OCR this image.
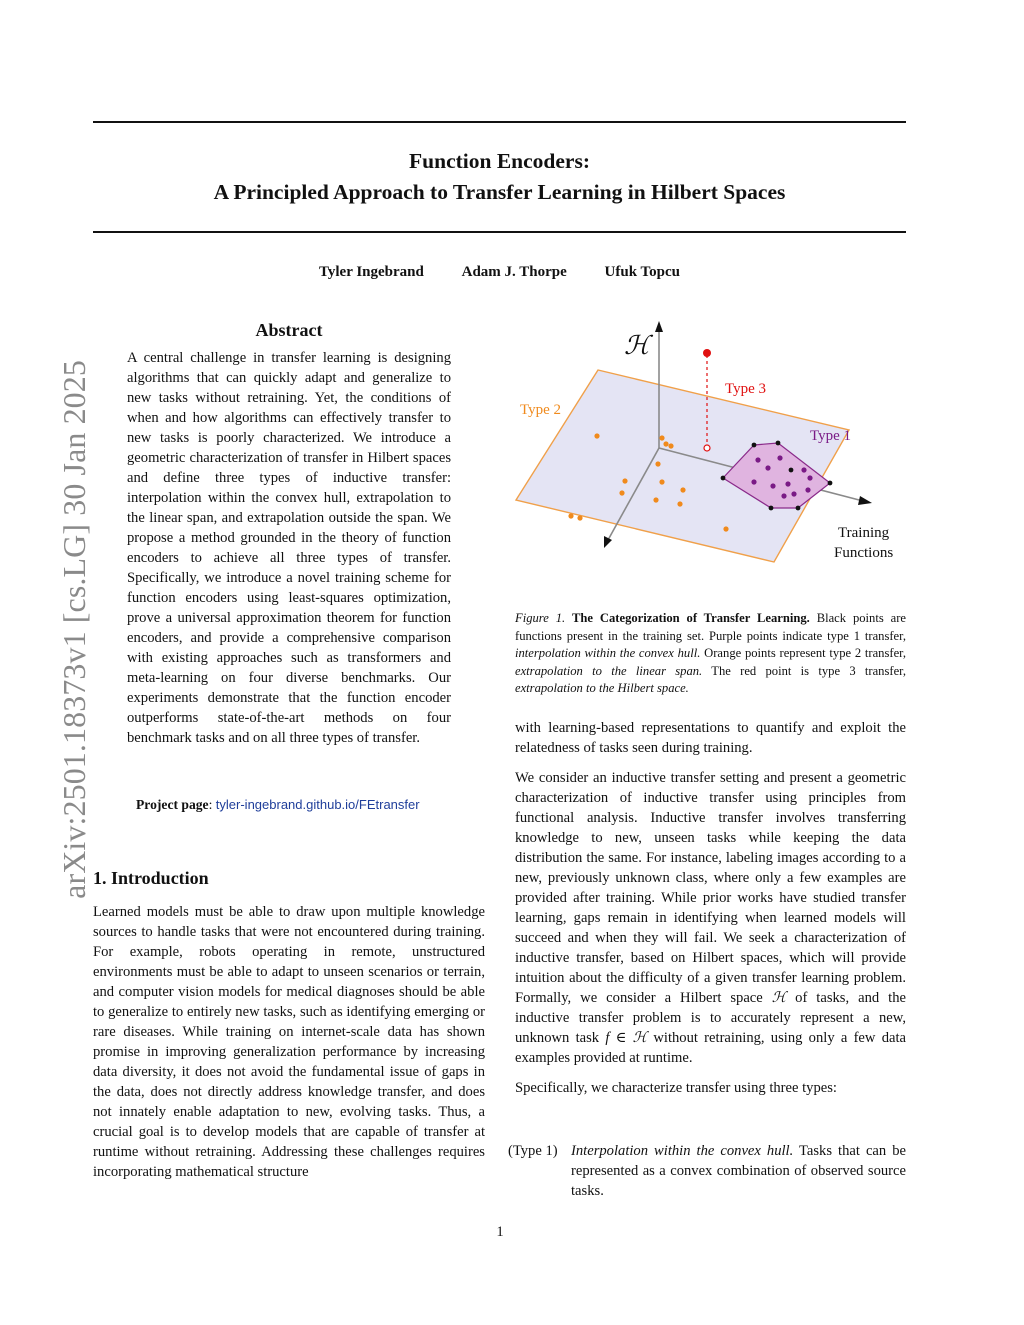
Function Encoders:
A Principled Approach to Transfer Learning in Hilbert Spaces
Tyler Ingebrand	Adam J. Thorpe	Ufuk Topcu
arXiv:2501.18373v1 [cs.LG] 30 Jan 2025
Abstract
A central challenge in transfer learning is designing algorithms that can quickly adapt and generalize to new tasks without retraining. Yet, the conditions of when and how algorithms can effectively transfer to new tasks is poorly characterized. We introduce a geometric characterization of transfer in Hilbert spaces and define three types of inductive transfer: interpolation within the convex hull, extrapolation to the linear span, and extrapolation outside the span. We propose a method grounded in the theory of function encoders to achieve all three types of transfer. Specifically, we introduce a novel training scheme for function encoders using least-squares optimization, prove a universal approximation theorem for function encoders, and provide a comprehensive comparison with existing approaches such as transformers and meta-learning on four diverse benchmarks. Our experiments demonstrate that the function encoder outperforms state-of-the-art methods on four benchmark tasks and on all three types of transfer.
Project page: tyler-ingebrand.github.io/FEtransfer
1. Introduction
Learned models must be able to draw upon multiple knowledge sources to handle tasks that were not encountered during training. For example, robots operating in remote, unstructured environments must be able to adapt to unseen scenarios or terrain, and computer vision models for medical diagnoses should be able to generalize to entirely new tasks, such as identifying emerging or rare diseases. While training on internet-scale data has shown promise in improving generalization performance by increasing data diversity, it does not avoid the fundamental issue of gaps in the data, does not directly address knowledge transfer, and does not innately enable adaptation to new, evolving tasks. Thus, a crucial goal is to develop models that are capable of transfer at runtime without retraining. Addressing these challenges requires incorporating mathematical structure
ℋ
Type 3
Type 2
Type 1
Training
Functions
Figure 1. The Categorization of Transfer Learning. Black points are functions present in the training set. Purple points indicate type 1 transfer, interpolation within the convex hull. Orange points represent type 2 transfer, extrapolation to the linear span. The red point is type 3 transfer, extrapolation to the Hilbert space.

with learning-based representations to quantify and exploit the relatedness of tasks seen during training.

We consider an inductive transfer setting and present a geometric characterization of inductive transfer using principles from functional analysis. Inductive transfer involves transferring knowledge to new, unseen tasks while keeping the data distribution the same. For instance, labeling images according to a new, previously unknown class, where only a few examples are provided after training. While prior works have studied transfer learning, gaps remain in identifying when learned models will succeed and when they will fail. We seek a characterization of inductive transfer, based on Hilbert spaces, which will provide intuition about the difficulty of a given transfer learning problem. Formally, we consider a Hilbert space ℋ of tasks, and the inductive transfer problem is to accurately represent a new, unknown task f ∈ ℋ without retraining, using only a few data examples provided at runtime.

Specifically, we characterize transfer using three types:

(Type 1) Interpolation within the convex hull. Tasks that can be represented as a convex combination of observed source tasks.
1
